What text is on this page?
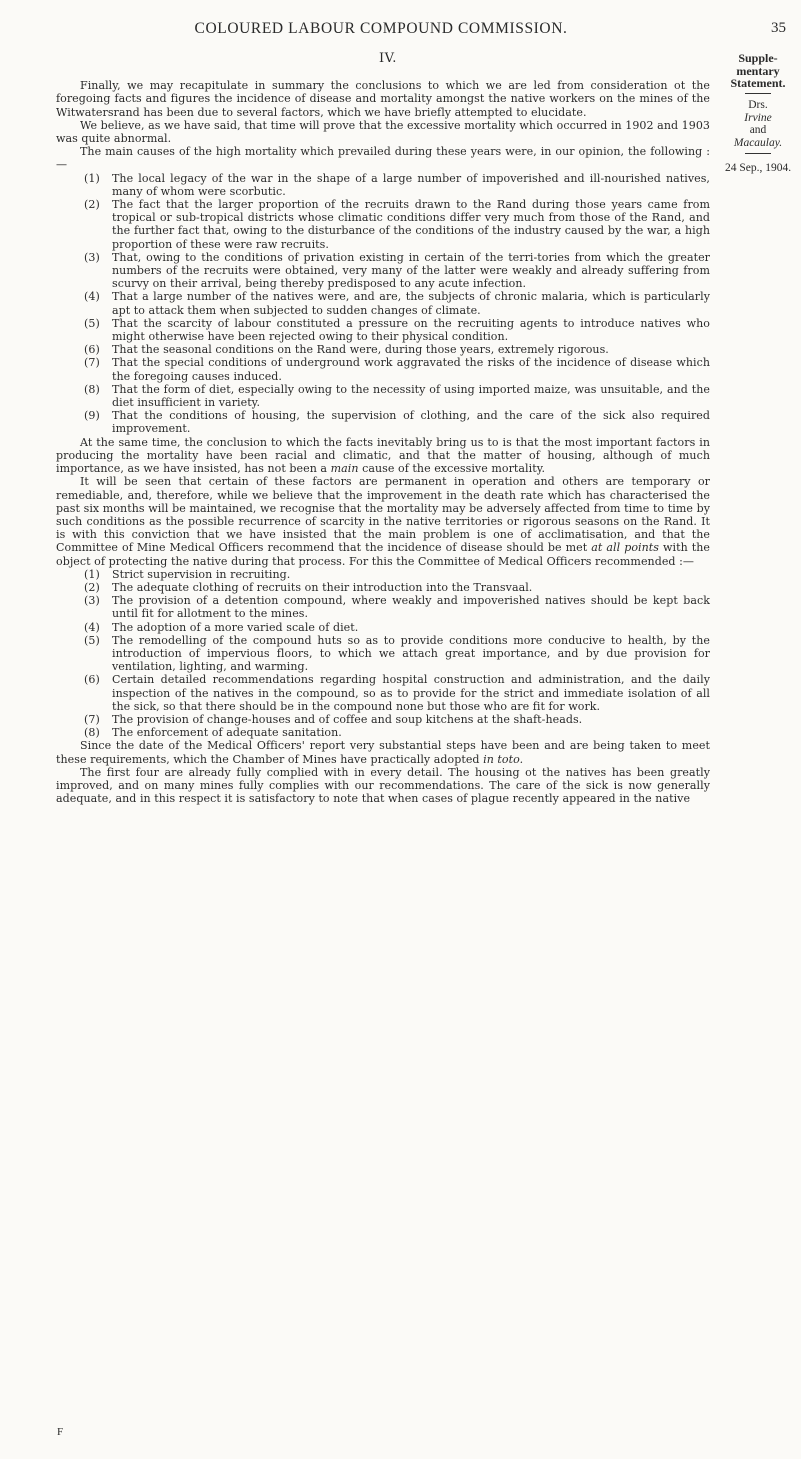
COLOURED LABOUR COMPOUND COMMISSION.	35
Supple-
mentary
Statement.
Drs.
Irvine
and
Macaulay.
24 Sep., 1904.
IV.

Finally, we may recapitulate in summary the conclusions to which we are led from consideration ot the foregoing facts and figures the incidence of disease and mortality amongst the native workers on the mines of the Witwatersrand has been due to several factors, which we have briefly attempted to elucidate.

We believe, as we have said, that time will prove that the excessive mortality which occurred in 1902 and 1903 was quite abnormal.

The main causes of the high mortality which prevailed during these years were, in our opinion, the following :—

(1) The local legacy of the war in the shape of a large number of impoverished and ill-nourished natives, many of whom were scorbutic.
(2) The fact that the larger proportion of the recruits drawn to the Rand during those years came from tropical or sub-tropical districts whose climatic conditions differ very much from those of the Rand, and the further fact that, owing to the disturbance of the conditions of the industry caused by the war, a high proportion of these were raw recruits.
(3) That, owing to the conditions of privation existing in certain of the terri-tories from which the greater numbers of the recruits were obtained, very many of the latter were weakly and already suffering from scurvy on their arrival, being thereby predisposed to any acute infection.
(4) That a large number of the natives were, and are, the subjects of chronic malaria, which is particularly apt to attack them when subjected to sudden changes of climate.
(5) That the scarcity of labour constituted a pressure on the recruiting agents to introduce natives who might otherwise have been rejected owing to their physical condition.
(6) That the seasonal conditions on the Rand were, during those years, extremely rigorous.
(7) That the special conditions of underground work aggravated the risks of the incidence of disease which the foregoing causes induced.
(8) That the form of diet, especially owing to the necessity of using imported maize, was unsuitable, and the diet insufficient in variety.
(9) That the conditions of housing, the supervision of clothing, and the care of the sick also required improvement.

At the same time, the conclusion to which the facts inevitably bring us to is that the most important factors in producing the mortality have been racial and climatic, and that the matter of housing, although of much importance, as we have insisted, has not been a main cause of the excessive mortality.

It will be seen that certain of these factors are permanent in operation and others are temporary or remediable, and, therefore, while we believe that the improvement in the death rate which has characterised the past six months will be maintained, we recognise that the mortality may be adversely affected from time to time by such conditions as the possible recurrence of scarcity in the native territories or rigorous seasons on the Rand. It is with this conviction that we have insisted that the main problem is one of acclimatisation, and that the Committee of Mine Medical Officers recommend that the incidence of disease should be met at all points with the object of protecting the native during that process. For this the Committee of Medical Officers recommended :—

(1) Strict supervision in recruiting.
(2) The adequate clothing of recruits on their introduction into the Transvaal.
(3) The provision of a detention compound, where weakly and impoverished natives should be kept back until fit for allotment to the mines.
(4) The adoption of a more varied scale of diet.
(5) The remodelling of the compound huts so as to provide conditions more conducive to health, by the introduction of impervious floors, to which we attach great importance, and by due provision for ventilation, lighting, and warming.
(6) Certain detailed recommendations regarding hospital construction and administration, and the daily inspection of the natives in the compound, so as to provide for the strict and immediate isolation of all the sick, so that there should be in the compound none but those who are fit for work.
(7) The provision of change-houses and of coffee and soup kitchens at the shaft-heads.
(8) The enforcement of adequate sanitation.

Since the date of the Medical Officers' report very substantial steps have been and are being taken to meet these requirements, which the Chamber of Mines have practically adopted in toto.

The first four are already fully complied with in every detail. The housing ot the natives has been greatly improved, and on many mines fully complies with our recommendations. The care of the sick is now generally adequate, and in this respect it is satisfactory to note that when cases of plague recently appeared in the native

F
